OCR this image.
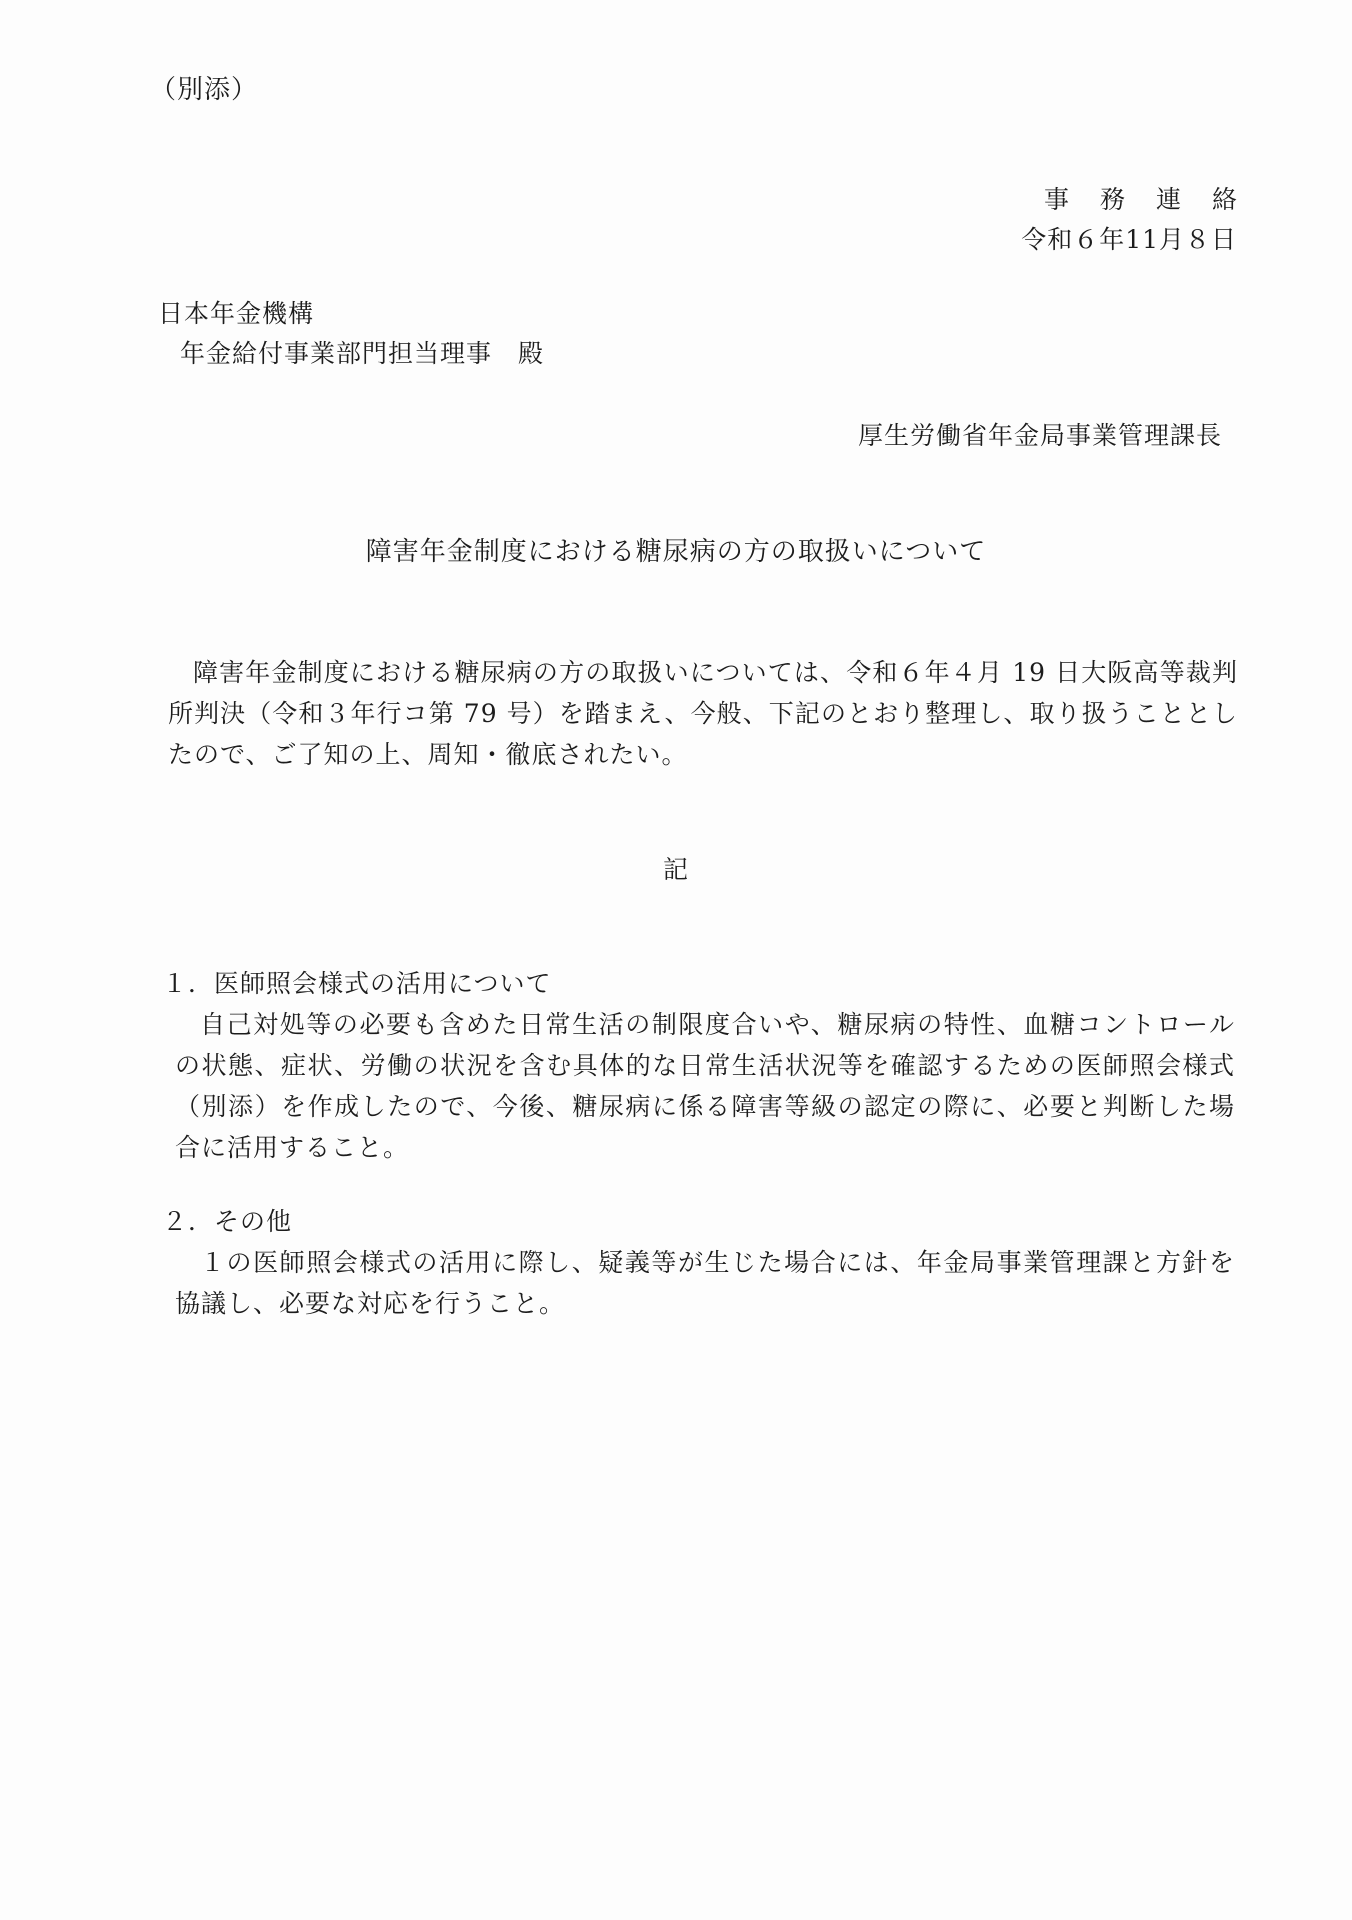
（別添）

事務連絡

令和６年11月８日

日本年金機構

年金給付事業部門担当理事　殿

厚生労働省年金局事業管理課長

障害年金制度における糖尿病の方の取扱いについて

障害年金制度における糖尿病の方の取扱いについては、令和６年４月 19 日大阪高等裁判所判決（令和３年行コ第 79 号）を踏まえ、今般、下記のとおり整理し、取り扱うこととしたので、ご了知の上、周知・徹底されたい。

記

１．医師照会様式の活用について

自己対処等の必要も含めた日常生活の制限度合いや、糖尿病の特性、血糖コントロールの状態、症状、労働の状況を含む具体的な日常生活状況等を確認するための医師照会様式（別添）を作成したので、今後、糖尿病に係る障害等級の認定の際に、必要と判断した場合に活用すること。

２．その他

１の医師照会様式の活用に際し、疑義等が生じた場合には、年金局事業管理課と方針を協議し、必要な対応を行うこと。
